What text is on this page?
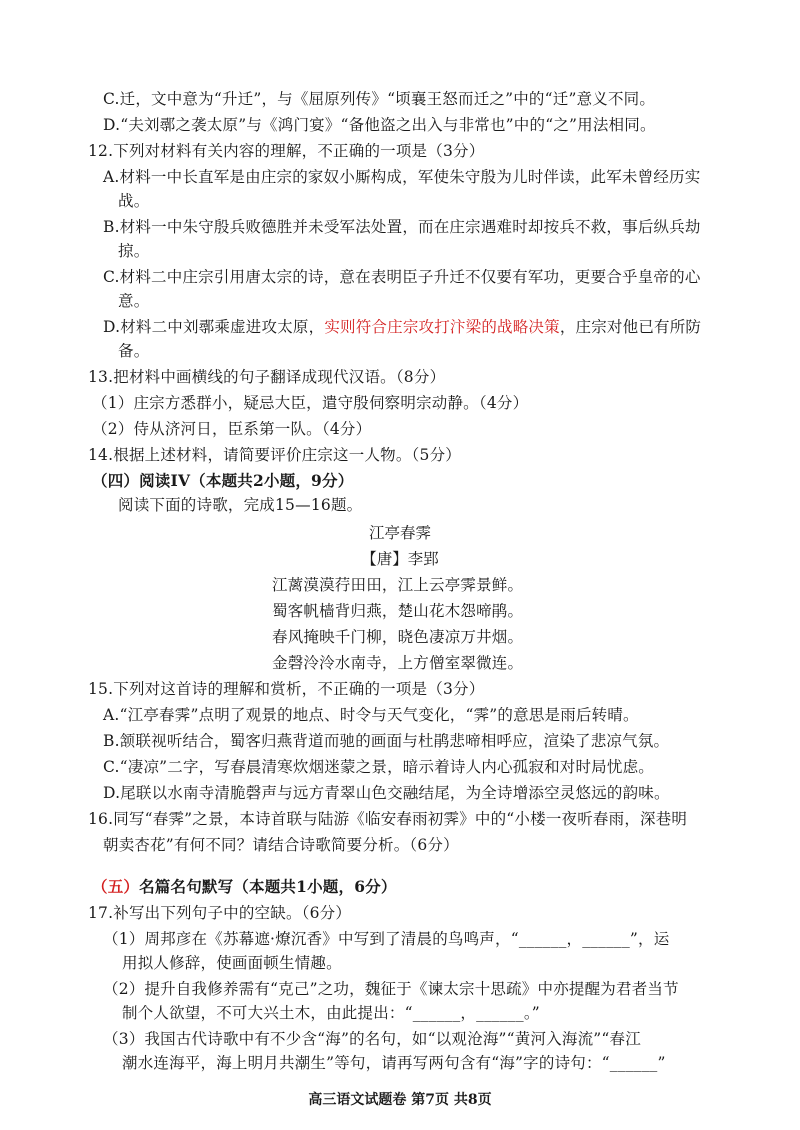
C.迁，文中意为“升迁”，与《屈原列传》“顷襄王怒而迁之”中的“迁”意义不同。
D.“夫刘鄩之袭太原”与《鸿门宴》“备他盗之出入与非常也”中的“之”用法相同。
12.下列对材料有关内容的理解，不正确的一项是（3分）
A.材料一中长直军是由庄宗的家奴小厮构成，军使朱守殷为儿时伴读，此军未曾经历实
战。
B.材料一中朱守殷兵败德胜并未受军法处置，而在庄宗遇难时却按兵不救，事后纵兵劫
掠。
C.材料二中庄宗引用唐太宗的诗，意在表明臣子升迁不仅要有军功，更要合乎皇帝的心
意。
D.材料二中刘鄩乘虚进攻太原，实则符合庄宗攻打汴梁的战略决策，庄宗对他已有所防
备。
13.把材料中画横线的句子翻译成现代汉语。（8分）
（1）庄宗方悉群小，疑忌大臣，遣守殷伺察明宗动静。（4分）
（2）侍从济河日，臣系第一队。（4分）
14.根据上述材料，请简要评价庄宗这一人物。（5分）
（四）阅读IV（本题共2小题，9分）
阅读下面的诗歌，完成15—16题。
江亭春霁
【唐】李郢
江蓠漠漠荇田田，江上云亭霁景鲜。
蜀客帆樯背归燕，楚山花木怨啼鹃。
春风掩映千门柳，晓色凄凉万井烟。
金磬泠泠水南寺，上方僧室翠微连。
15.下列对这首诗的理解和赏析，不正确的一项是（3分）
A.“江亭春霁”点明了观景的地点、时令与天气变化，“霁”的意思是雨后转晴。
B.颔联视听结合，蜀客归燕背道而驰的画面与杜鹃悲啼相呼应，渲染了悲凉气氛。
C.“凄凉”二字，写春晨清寒炊烟迷蒙之景，暗示着诗人内心孤寂和对时局忧虑。
D.尾联以水南寺清脆磬声与远方青翠山色交融结尾，为全诗增添空灵悠远的韵味。
16.同写“春霁”之景，本诗首联与陆游《临安春雨初霁》中的“小楼一夜听春雨，深巷明
朝卖杏花”有何不同？请结合诗歌简要分析。（6分）
（五）名篇名句默写（本题共1小题，6分）
17.补写出下列句子中的空缺。（6分）
（1）周邦彦在《苏幕遮·燎沉香》中写到了清晨的鸟鸣声，“______，______”，运
用拟人修辞，使画面顿生情趣。
（2）提升自我修养需有“克己”之功，魏征于《谏太宗十思疏》中亦提醒为君者当节
制个人欲望，不可大兴土木，由此提出：“______，______。”
（3）我国古代诗歌中有不少含“海”的名句，如“以观沧海”“黄河入海流”“春江
潮水连海平，海上明月共潮生”等句，请再写两句含有“海”字的诗句：“______”
高三语文试题卷 第7页 共8页
